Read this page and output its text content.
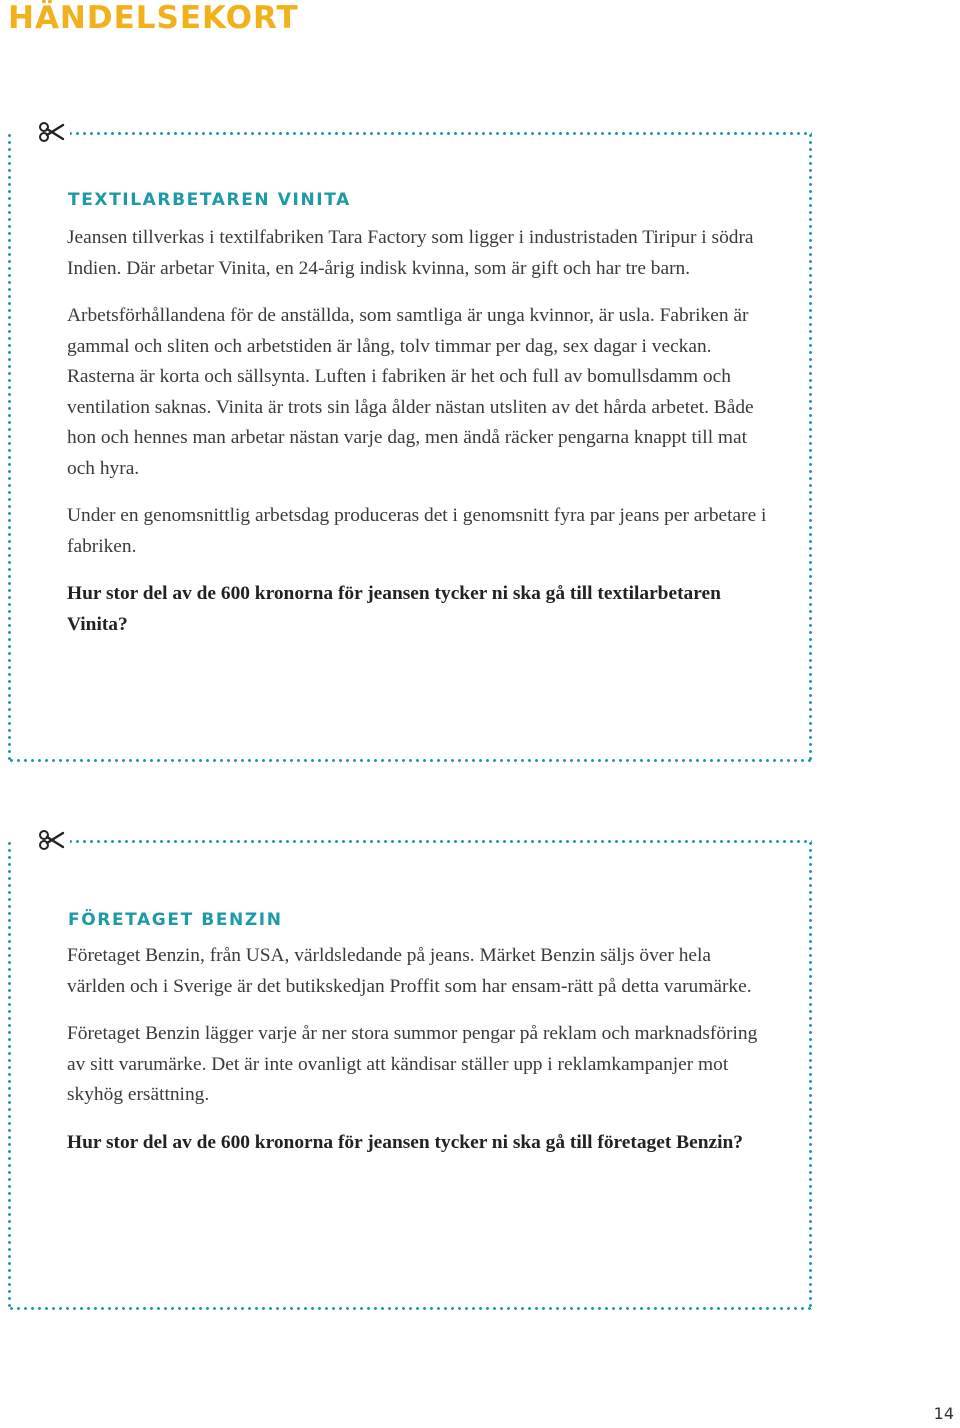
HÄNDELSEKORT
TEXTILARBETAREN VINITA

Jeansen tillverkas i textilfabriken Tara Factory som ligger i industristaden Tiripur i södra Indien. Där arbetar Vinita, en 24-årig indisk kvinna, som är gift och har tre barn.

Arbetsförhållandena för de anställda, som samtliga är unga kvinnor, är usla. Fabriken är gammal och sliten och arbetstiden är lång, tolv timmar per dag, sex dagar i veckan. Rasterna är korta och sällsynta. Luften i fabriken är het och full av bomullsdamm och ventilation saknas. Vinita är trots sin låga ålder nästan utsliten av det hårda arbetet. Både hon och hennes man arbetar nästan varje dag, men ändå räcker pengarna knappt till mat och hyra.

Under en genomsnittlig arbetsdag produceras det i genomsnitt fyra par jeans per arbetare i fabriken.

Hur stor del av de 600 kronorna för jeansen tycker ni ska gå till textilarbetaren Vinita?

FÖRETAGET BENZIN

Företaget Benzin, från USA, världsledande på jeans. Märket Benzin säljs över hela världen och i Sverige är det butikskedjan Proffit som har ensam-rätt på detta varumärke.

Företaget Benzin lägger varje år ner stora summor pengar på reklam och marknadsföring av sitt varumärke. Det är inte ovanligt att kändisar ställer upp i reklamkampanjer mot skyhög ersättning.

Hur stor del av de 600 kronorna för jeansen tycker ni ska gå till företaget Benzin?

14
